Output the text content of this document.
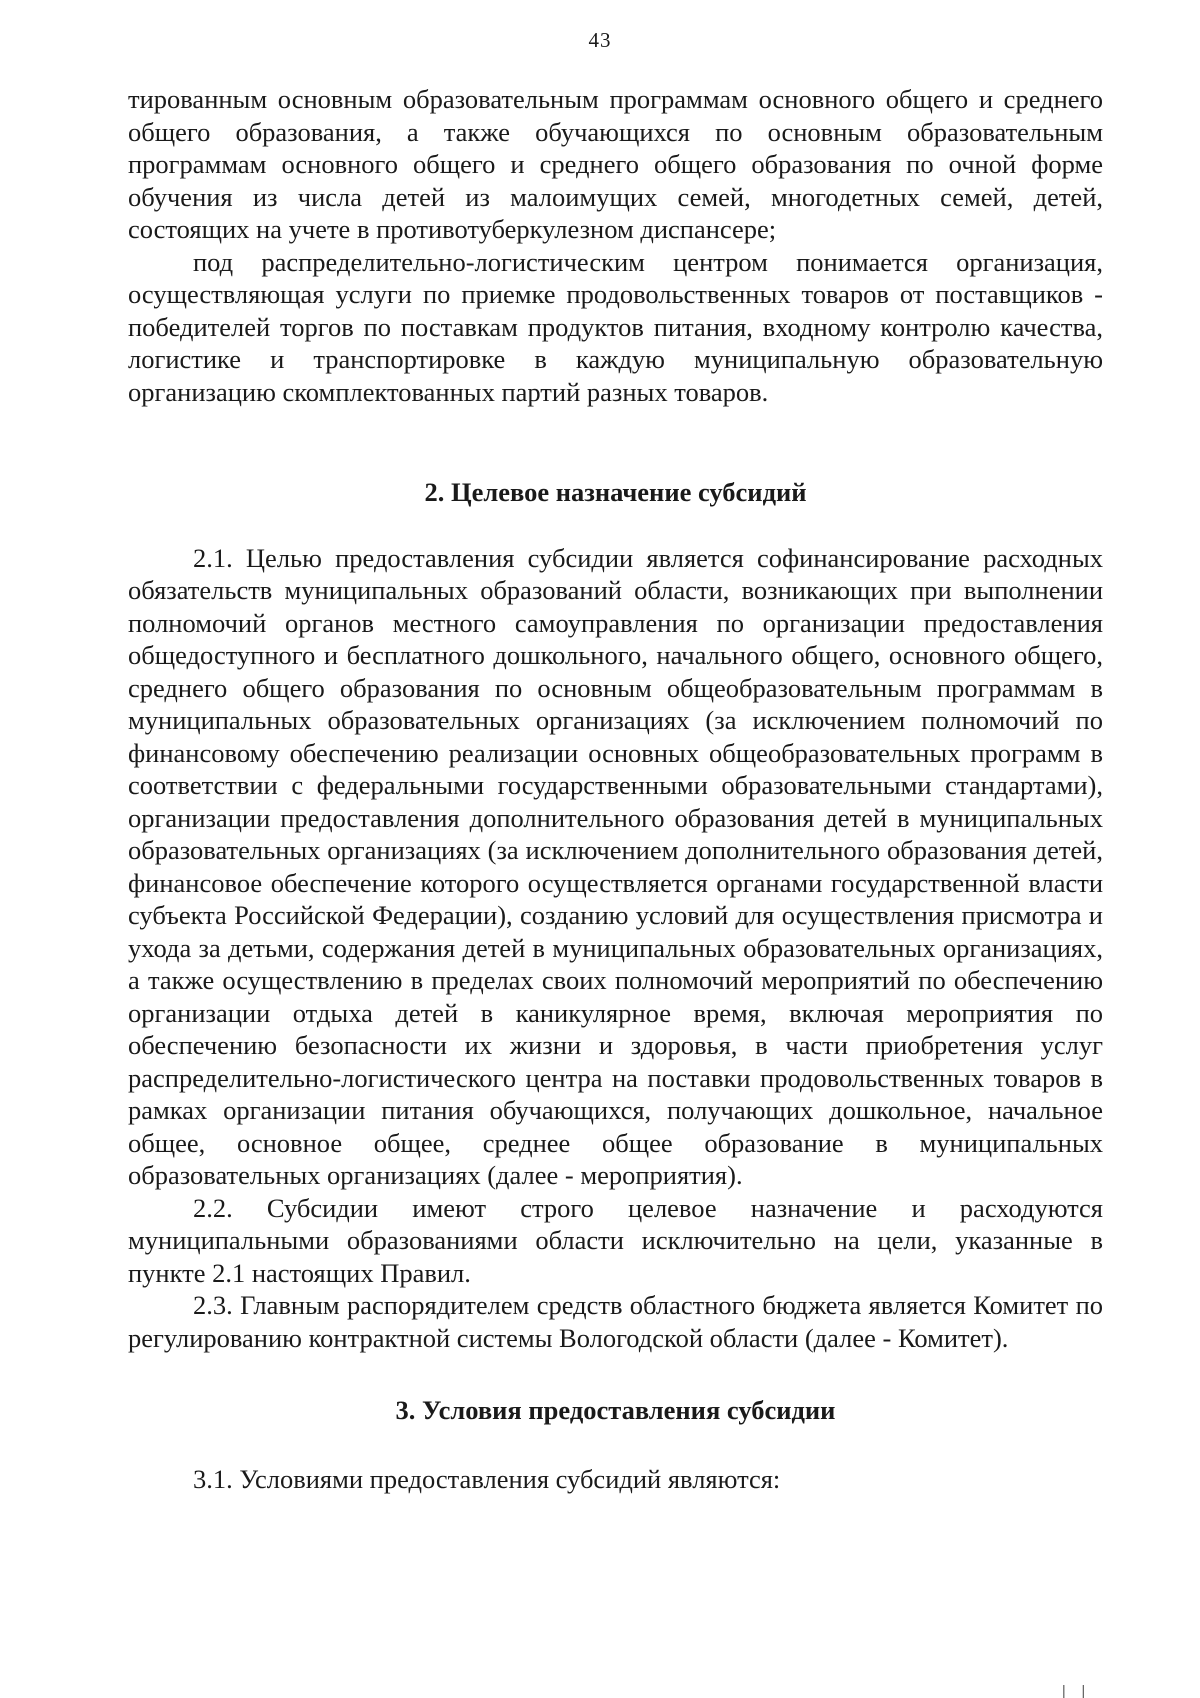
43

тированным основным образовательным программам основного общего и среднего общего образования, а также обучающихся по основным образовательным программам основного общего и среднего общего образования по очной форме обучения из числа детей из малоимущих семей, многодетных семей, детей, состоящих на учете в противотуберкулезном диспансере;

под распределительно-логистическим центром понимается организация, осуществляющая услуги по приемке продовольственных товаров от поставщиков - победителей торгов по поставкам продуктов питания, входному контролю качества, логистике и транспортировке в каждую муниципальную образовательную организацию скомплектованных партий разных товаров.

2. Целевое назначение субсидий

2.1. Целью предоставления субсидии является софинансирование расходных обязательств муниципальных образований области, возникающих при выполнении полномочий органов местного самоуправления по организации предоставления общедоступного и бесплатного дошкольного, начального общего, основного общего, среднего общего образования по основным общеобразовательным программам в муниципальных образовательных организациях (за исключением полномочий по финансовому обеспечению реализации основных общеобразовательных программ в соответствии с федеральными государственными образовательными стандартами), организации предоставления дополнительного образования детей в муниципальных образовательных организациях (за исключением дополнительного образования детей, финансовое обеспечение которого осуществляется органами государственной власти субъекта Российской Федерации), созданию условий для осуществления присмотра и ухода за детьми, содержания детей в муниципальных образовательных организациях, а также осуществлению в пределах своих полномочий мероприятий по обеспечению организации отдыха детей в каникулярное время, включая мероприятия по обеспечению безопасности их жизни и здоровья, в части приобретения услуг распределительно-логистического центра на поставки продовольственных товаров в рамках организации питания обучающихся, получающих дошкольное, начальное общее, основное общее, среднее общее образование в муниципальных образовательных организациях (далее - мероприятия).

2.2. Субсидии имеют строго целевое назначение и расходуются муниципальными образованиями области исключительно на цели, указанные в пункте 2.1 настоящих Правил.

2.3. Главным распорядителем средств областного бюджета является Комитет по регулированию контрактной системы Вологодской области (далее - Комитет).

3. Условия предоставления субсидии

3.1. Условиями предоставления субсидий являются:

| |
